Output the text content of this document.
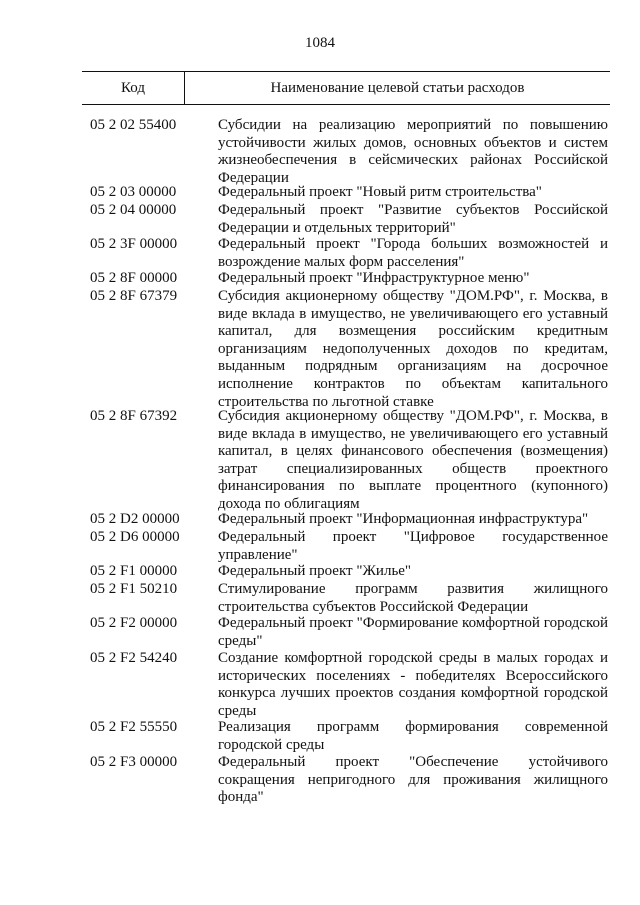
1084
Код	Наименование целевой статьи расходов
05 2 02 55400	Субсидии на реализацию мероприятий по повышению устойчивости жилых домов, основных объектов и систем жизнеобеспечения в сейсмических районах Российской Федерации
05 2 03 00000	Федеральный проект "Новый ритм строительства"
05 2 04 00000	Федеральный проект "Развитие субъектов Российской Федерации и отдельных территорий"
05 2 3F 00000	Федеральный проект "Города больших возможностей и возрождение малых форм расселения"
05 2 8F 00000	Федеральный проект "Инфраструктурное меню"
05 2 8F 67379	Субсидия акционерному обществу "ДОМ.РФ", г. Москва, в виде вклада в имущество, не увеличивающего его уставный капитал, для возмещения российским кредитным организациям недополученных доходов по кредитам, выданным подрядным организациям на досрочное исполнение контрактов по объектам капитального строительства по льготной ставке
05 2 8F 67392	Субсидия акционерному обществу "ДОМ.РФ", г. Москва, в виде вклада в имущество, не увеличивающего его уставный капитал, в целях финансового обеспечения (возмещения) затрат специализированных обществ проектного финансирования по выплате процентного (купонного) дохода по облигациям
05 2 D2 00000	Федеральный проект "Информационная инфраструктура"
05 2 D6 00000	Федеральный проект "Цифровое государственное управление"
05 2 F1 00000	Федеральный проект "Жилье"
05 2 F1 50210	Стимулирование программ развития жилищного строительства субъектов Российской Федерации
05 2 F2 00000	Федеральный проект "Формирование комфортной городской среды"
05 2 F2 54240	Создание комфортной городской среды в малых городах и исторических поселениях - победителях Всероссийского конкурса лучших проектов создания комфортной городской среды
05 2 F2 55550	Реализация программ формирования современной городской среды
05 2 F3 00000	Федеральный проект "Обеспечение устойчивого сокращения непригодного для проживания жилищного фонда"
